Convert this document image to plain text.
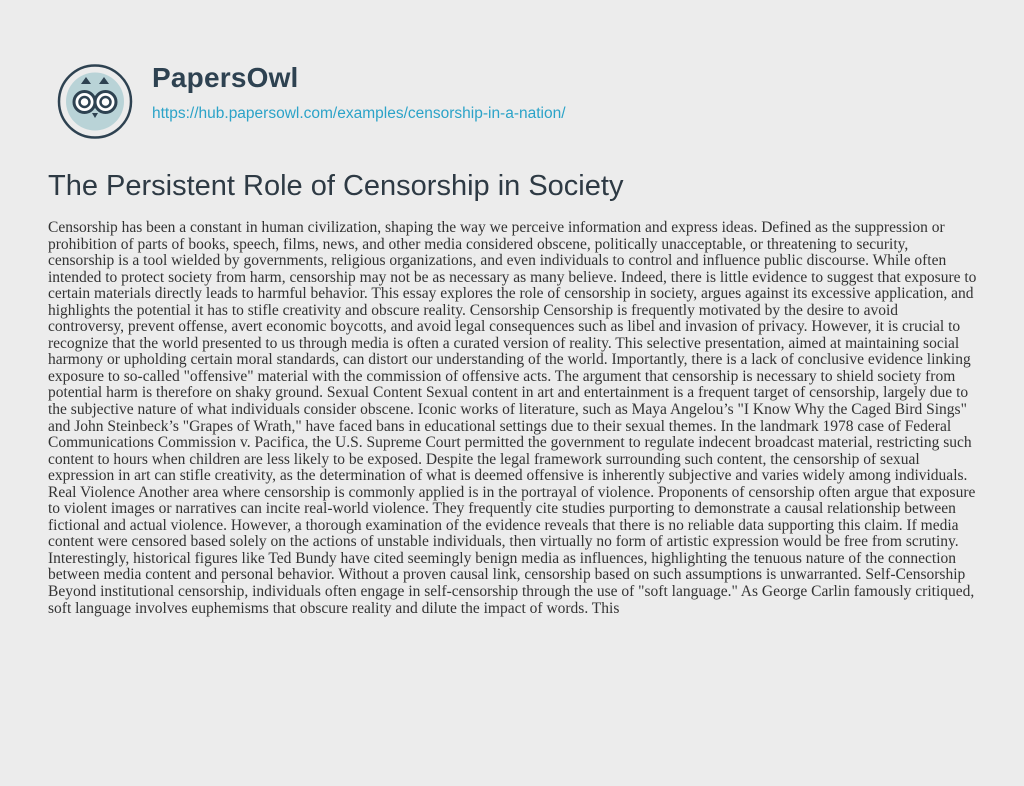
PapersOwl
https://hub.papersowl.com/examples/censorship-in-a-nation/
The Persistent Role of Censorship in Society

Censorship has been a constant in human civilization, shaping the way we perceive information and express ideas. Defined as the suppression or prohibition of parts of books, speech, films, news, and other media considered obscene, politically unacceptable, or threatening to security, censorship is a tool wielded by governments, religious organizations, and even individuals to control and influence public discourse. While often intended to protect society from harm, censorship may not be as necessary as many believe. Indeed, there is little evidence to suggest that exposure to certain materials directly leads to harmful behavior. This essay explores the role of censorship in society, argues against its excessive application, and highlights the potential it has to stifle creativity and obscure reality. Censorship Censorship is frequently motivated by the desire to avoid controversy, prevent offense, avert economic boycotts, and avoid legal consequences such as libel and invasion of privacy. However, it is crucial to recognize that the world presented to us through media is often a curated version of reality. This selective presentation, aimed at maintaining social harmony or upholding certain moral standards, can distort our understanding of the world. Importantly, there is a lack of conclusive evidence linking exposure to so-called "offensive" material with the commission of offensive acts. The argument that censorship is necessary to shield society from potential harm is therefore on shaky ground. Sexual Content Sexual content in art and entertainment is a frequent target of censorship, largely due to the subjective nature of what individuals consider obscene. Iconic works of literature, such as Maya Angelou’s "I Know Why the Caged Bird Sings" and John Steinbeck’s "Grapes of Wrath," have faced bans in educational settings due to their sexual themes. In the landmark 1978 case of Federal Communications Commission v. Pacifica, the U.S. Supreme Court permitted the government to regulate indecent broadcast material, restricting such content to hours when children are less likely to be exposed. Despite the legal framework surrounding such content, the censorship of sexual expression in art can stifle creativity, as the determination of what is deemed offensive is inherently subjective and varies widely among individuals. Real Violence Another area where censorship is commonly applied is in the portrayal of violence. Proponents of censorship often argue that exposure to violent images or narratives can incite real-world violence. They frequently cite studies purporting to demonstrate a causal relationship between fictional and actual violence. However, a thorough examination of the evidence reveals that there is no reliable data supporting this claim. If media content were censored based solely on the actions of unstable individuals, then virtually no form of artistic expression would be free from scrutiny. Interestingly, historical figures like Ted Bundy have cited seemingly benign media as influences, highlighting the tenuous nature of the connection between media content and personal behavior. Without a proven causal link, censorship based on such assumptions is unwarranted. Self-Censorship Beyond institutional censorship, individuals often engage in self-censorship through the use of "soft language." As George Carlin famously critiqued, soft language involves euphemisms that obscure reality and dilute the impact of words. This
